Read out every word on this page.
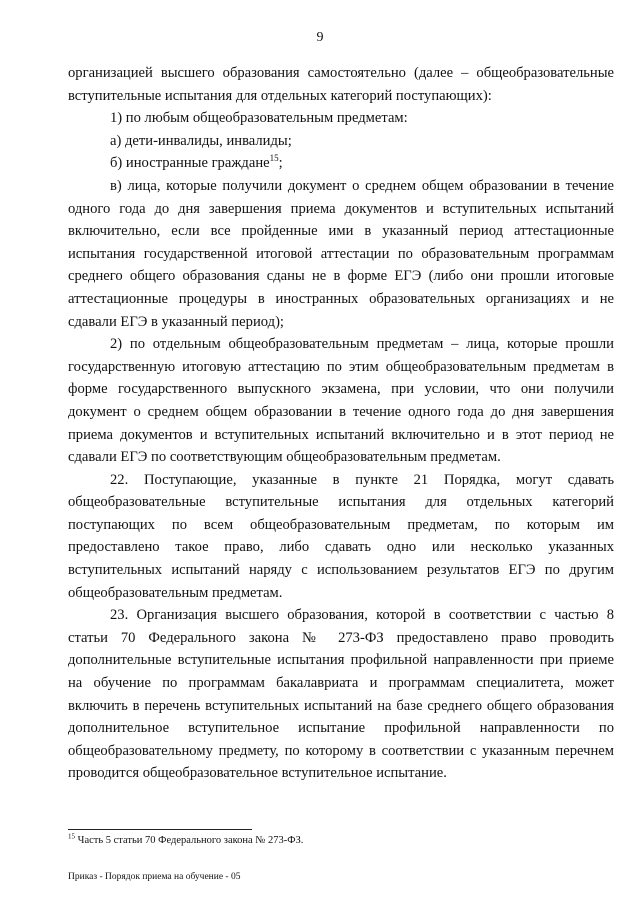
9

организацией высшего образования самостоятельно (далее – общеобразовательные вступительные испытания для отдельных категорий поступающих):

1) по любым общеобразовательным предметам:

а) дети-инвалиды, инвалиды;

б) иностранные граждане$^{15}$;

в) лица, которые получили документ о среднем общем образовании в течение одного года до дня завершения приема документов и вступительных испытаний включительно, если все пройденные ими в указанный период аттестационные испытания государственной итоговой аттестации по образовательным программам среднего общего образования сданы не в форме ЕГЭ (либо они прошли итоговые аттестационные процедуры в иностранных образовательных организациях и не сдавали ЕГЭ в указанный период);

2) по отдельным общеобразовательным предметам – лица, которые прошли государственную итоговую аттестацию по этим общеобразовательным предметам в форме государственного выпускного экзамена, при условии, что они получили документ о среднем общем образовании в течение одного года до дня завершения приема документов и вступительных испытаний включительно и в этот период не сдавали ЕГЭ по соответствующим общеобразовательным предметам.

22. Поступающие, указанные в пункте 21 Порядка, могут сдавать общеобразовательные вступительные испытания для отдельных категорий поступающих по всем общеобразовательным предметам, по которым им предоставлено такое право, либо сдавать одно или несколько указанных вступительных испытаний наряду с использованием результатов ЕГЭ по другим общеобразовательным предметам.

23. Организация высшего образования, которой в соответствии с частью 8 статьи 70 Федерального закона № 273-ФЗ предоставлено право проводить дополнительные вступительные испытания профильной направленности при приеме на обучение по программам бакалавриата и программам специалитета, может включить в перечень вступительных испытаний на базе среднего общего образования дополнительное вступительное испытание профильной направленности по общеобразовательному предмету, по которому в соответствии с указанным перечнем проводится общеобразовательное вступительное испытание.

$^{15}$ Часть 5 статьи 70 Федерального закона № 273-ФЗ.
Приказ - Порядок приема на обучение - 05
